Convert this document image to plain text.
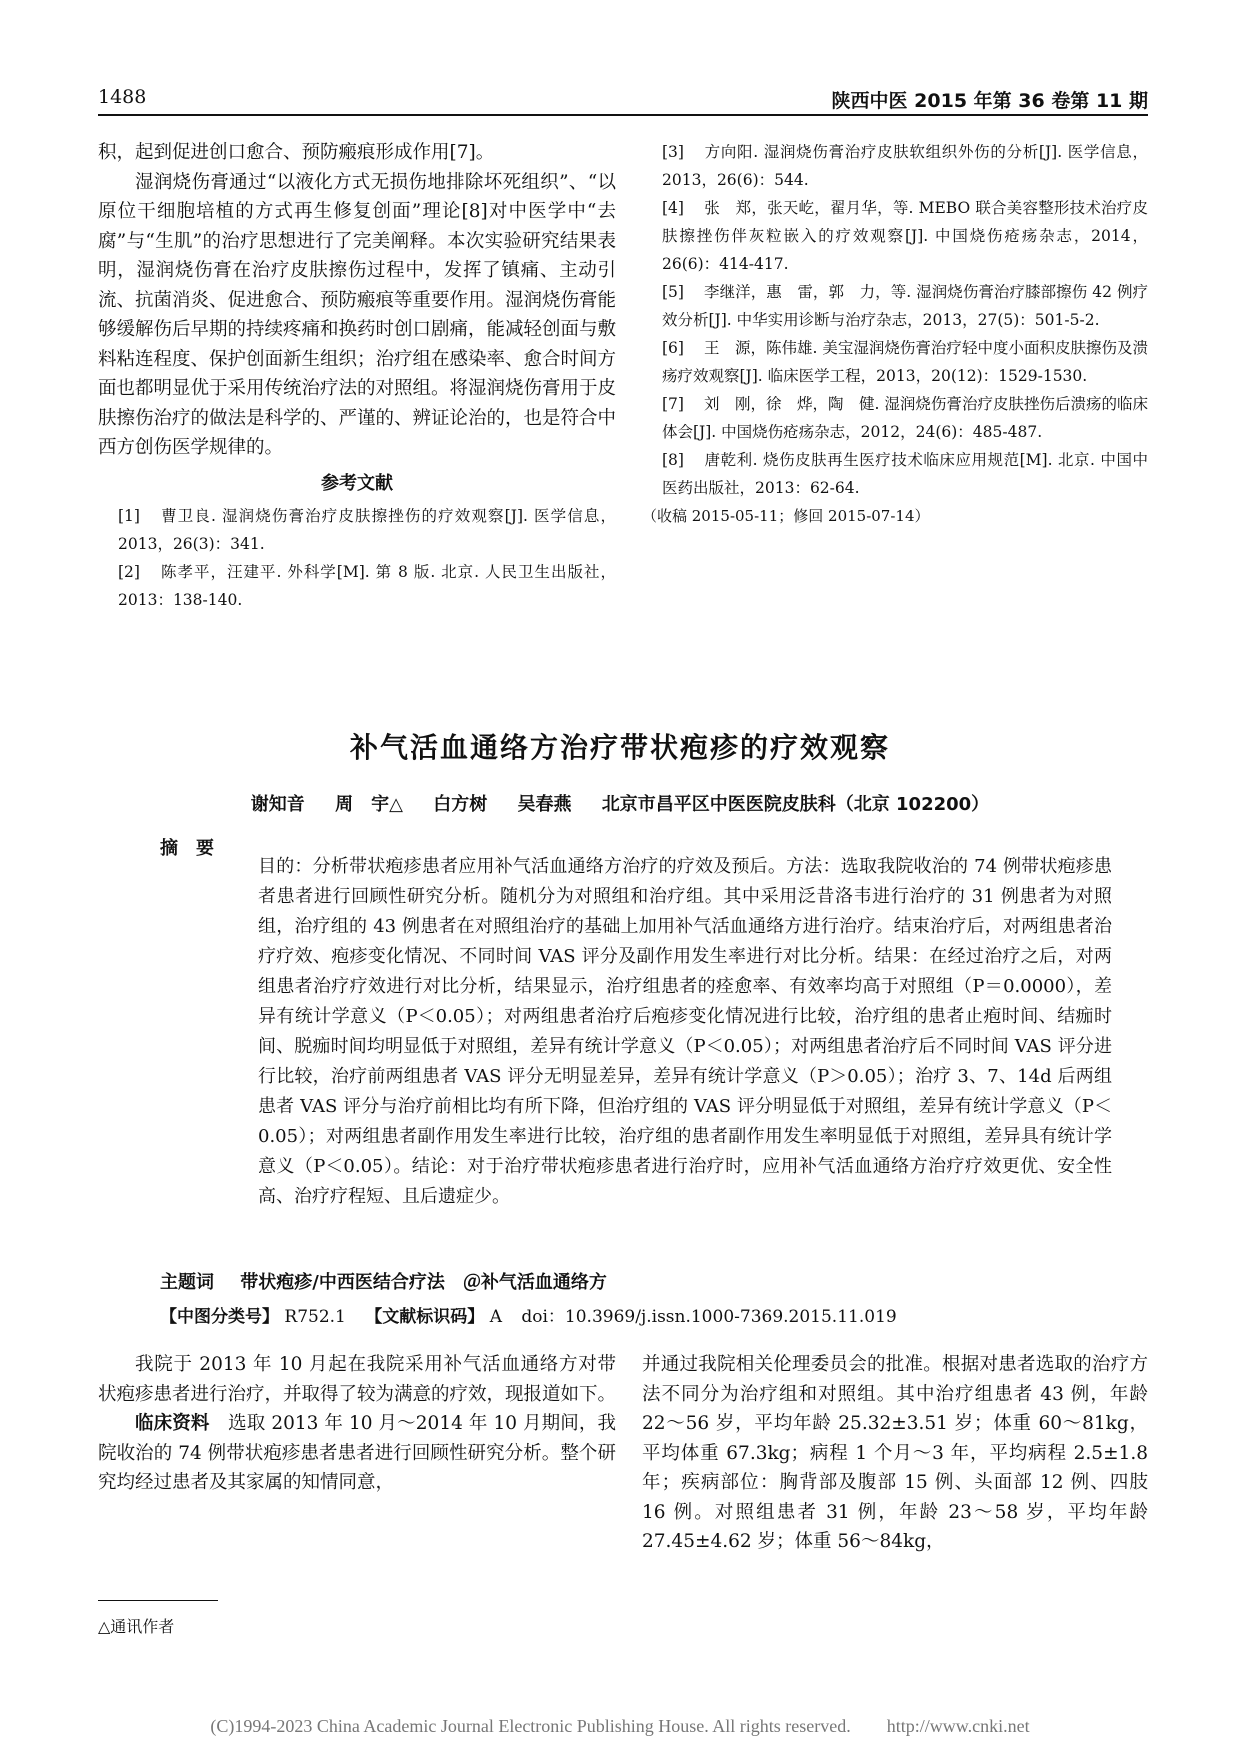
1488	陕西中医 2015 年第 36 卷第 11 期

积，起到促进创口愈合、预防瘢痕形成作用[7]。

湿润烧伤膏通过“以液化方式无损伤地排除坏死组织”、“以原位干细胞培植的方式再生修复创面”理论[8]对中医学中“去腐”与“生肌”的治疗思想进行了完美阐释。本次实验研究结果表明，湿润烧伤膏在治疗皮肤擦伤过程中，发挥了镇痛、主动引流、抗菌消炎、促进愈合、预防瘢痕等重要作用。湿润烧伤膏能够缓解伤后早期的持续疼痛和换药时创口剧痛，能减轻创面与敷料粘连程度、保护创面新生组织；治疗组在感染率、愈合时间方面也都明显优于采用传统治疗法的对照组。将湿润烧伤膏用于皮肤擦伤治疗的做法是科学的、严谨的、辨证论治的，也是符合中西方创伤医学规律的。

参考文献

[1] 曹卫良. 湿润烧伤膏治疗皮肤擦挫伤的疗效观察[J]. 医学信息，2013，26(3)：341.

[2] 陈孝平，汪建平. 外科学[M]. 第 8 版. 北京. 人民卫生出版社，2013：138-140.

[3] 方向阳. 湿润烧伤膏治疗皮肤软组织外伤的分析[J]. 医学信息，2013，26(6)：544.

[4] 张　郑，张天屹，翟月华，等. MEBO 联合美容整形技术治疗皮肤擦挫伤伴灰粒嵌入的疗效观察[J]. 中国烧伤疮疡杂志，2014，26(6)：414-417.

[5] 李继洋，惠　雷，郭　力，等. 湿润烧伤膏治疗膝部擦伤 42 例疗效分析[J]. 中华实用诊断与治疗杂志，2013，27(5)：501-5-2.

[6] 王　源，陈伟雄. 美宝湿润烧伤膏治疗轻中度小面积皮肤擦伤及溃疡疗效观察[J]. 临床医学工程，2013，20(12)：1529-1530.

[7] 刘　刚，徐　烨，陶　健. 湿润烧伤膏治疗皮肤挫伤后溃疡的临床体会[J]. 中国烧伤疮疡杂志，2012，24(6)：485-487.

[8] 唐乾利. 烧伤皮肤再生医疗技术临床应用规范[M]. 北京. 中国中医药出版社，2013：62-64.

（收稿 2015-05-11；修回 2015-07-14）

补气活血通络方治疗带状疱疹的疗效观察
谢知音 周　宇△ 白方树 吴春燕 北京市昌平区中医医院皮肤科（北京 102200）
摘要

目的：分析带状疱疹患者应用补气活血通络方治疗的疗效及预后。方法：选取我院收治的 74 例带状疱疹患者患者进行回顾性研究分析。随机分为对照组和治疗组。其中采用泛昔洛韦进行治疗的 31 例患者为对照组，治疗组的 43 例患者在对照组治疗的基础上加用补气活血通络方进行治疗。结束治疗后，对两组患者治疗疗效、疱疹变化情况、不同时间 VAS 评分及副作用发生率进行对比分析。结果：在经过治疗之后，对两组患者治疗疗效进行对比分析，结果显示，治疗组患者的痊愈率、有效率均高于对照组（P＝0.0000），差异有统计学意义（P＜0.05）；对两组患者治疗后疱疹变化情况进行比较，治疗组的患者止疱时间、结痂时间、脱痂时间均明显低于对照组，差异有统计学意义（P＜0.05）；对两组患者治疗后不同时间 VAS 评分进行比较，治疗前两组患者 VAS 评分无明显差异，差异有统计学意义（P＞0.05）；治疗 3、7、14d 后两组患者 VAS 评分与治疗前相比均有所下降，但治疗组的 VAS 评分明显低于对照组，差异有统计学意义（P＜0.05）；对两组患者副作用发生率进行比较，治疗组的患者副作用发生率明显低于对照组，差异具有统计学意义（P＜0.05）。结论：对于治疗带状疱疹患者进行治疗时，应用补气活血通络方治疗疗效更优、安全性高、治疗疗程短、且后遗症少。

主题词 带状疱疹/中西医结合疗法　＠补气活血通络方
【中图分类号】 R752.1 【文献标识码】 A doi：10.3969/j.issn.1000-7369.2015.11.019

我院于 2013 年 10 月起在我院采用补气活血通络方对带状疱疹患者进行治疗，并取得了较为满意的疗效，现报道如下。

临床资料　 选取 2013 年 10 月～2014 年 10 月期间，我院收治的 74 例带状疱疹患者患者进行回顾性研究分析。整个研究均经过患者及其家属的知情同意，

并通过我院相关伦理委员会的批准。根据对患者选取的治疗方法不同分为治疗组和对照组。其中治疗组患者 43 例，年龄 22～56 岁，平均年龄 25.32±3.51 岁；体重 60～81kg，平均体重 67.3kg；病程 1 个月～3 年，平均病程 2.5±1.8 年；疾病部位：胸背部及腹部 15 例、头面部 12 例、四肢 16 例。对照组患者 31 例，年龄 23～58 岁，平均年龄 27.45±4.62 岁；体重 56～84kg，

△通讯作者
(C)1994-2023 China Academic Journal Electronic Publishing House. All rights reserved.　　http://www.cnki.net
